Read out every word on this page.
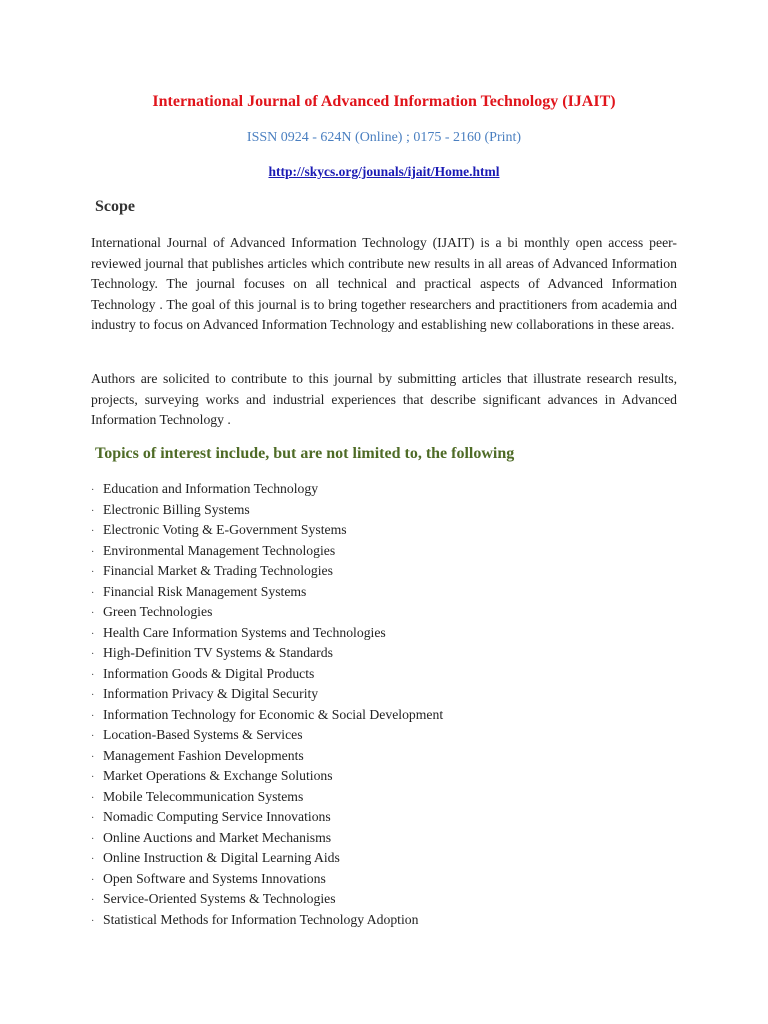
International Journal of Advanced Information Technology (IJAIT)
ISSN 0924 - 624N (Online) ; 0175 - 2160 (Print)
http://skycs.org/jounals/ijait/Home.html
Scope
International Journal of Advanced Information Technology (IJAIT) is a bi monthly open access peer-reviewed journal that publishes articles which contribute new results in all areas of Advanced Information Technology. The journal focuses on all technical and practical aspects of Advanced Information Technology . The goal of this journal is to bring together researchers and practitioners from academia and industry to focus on Advanced Information Technology and establishing new collaborations in these areas.
Authors are solicited to contribute to this journal by submitting articles that illustrate research results, projects, surveying works and industrial experiences that describe significant advances in Advanced Information Technology .
Topics of interest include, but are not limited to, the following
· Education and Information Technology
· Electronic Billing Systems
· Electronic Voting & E-Government Systems
· Environmental Management Technologies
· Financial Market & Trading Technologies
· Financial Risk Management Systems
· Green Technologies
· Health Care Information Systems and Technologies
· High-Definition TV Systems & Standards
· Information Goods & Digital Products
· Information Privacy & Digital Security
· Information Technology for Economic & Social Development
· Location-Based Systems & Services
· Management Fashion Developments
· Market Operations & Exchange Solutions
· Mobile Telecommunication Systems
· Nomadic Computing Service Innovations
· Online Auctions and Market Mechanisms
· Online Instruction & Digital Learning Aids
· Open Software and Systems Innovations
· Service-Oriented Systems & Technologies
· Statistical Methods for Information Technology Adoption
